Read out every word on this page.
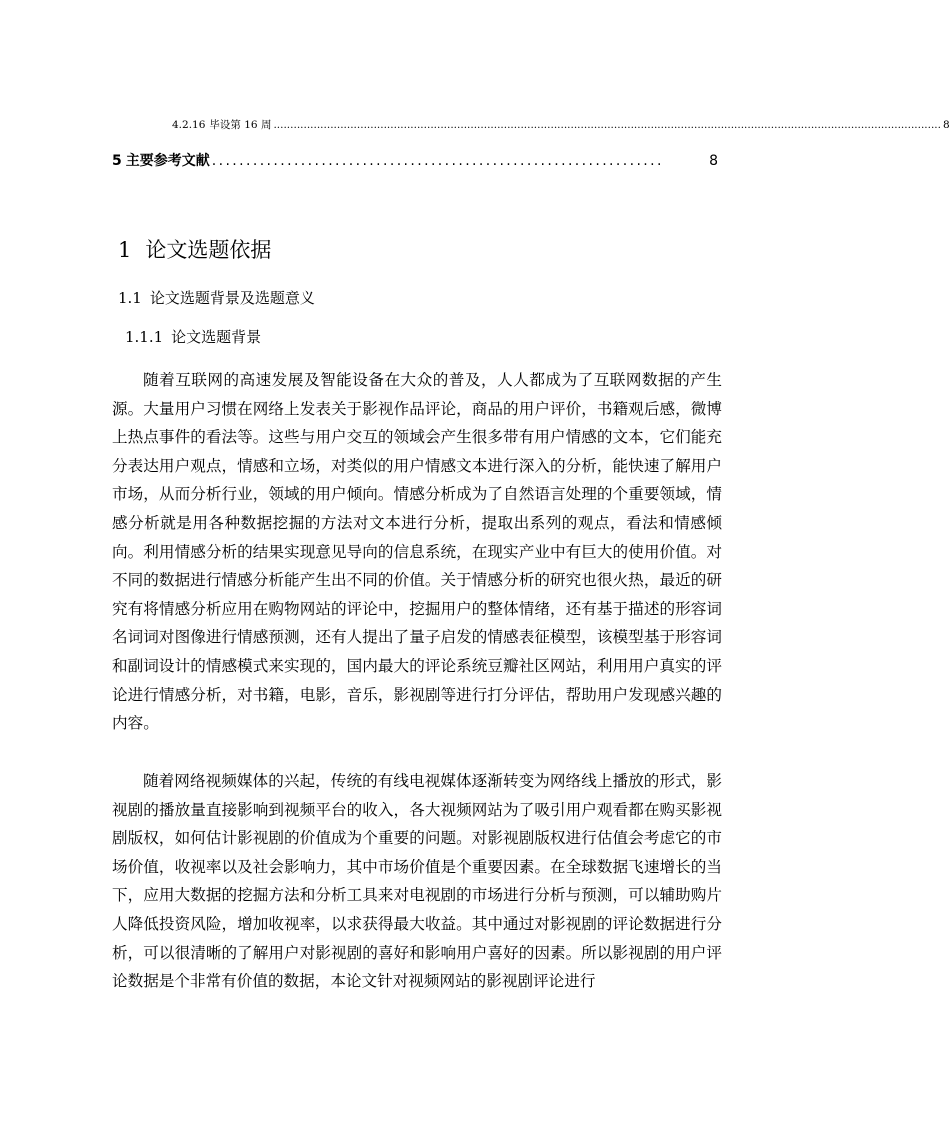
4.2.16 毕设第 16 周 ........................................................................................................................................................................................................ 8
5 主要参考文献 ..................................................................	8
1 论文选题依据
1.1 论文选题背景及选题意义
1.1.1 论文选题背景

随着互联网的高速发展及智能设备在大众的普及，人人都成为了互联网数据的产生源。大量用户习惯在网络上发表关于影视作品评论，商品的用户评价，书籍观后感，微博上热点事件的看法等。这些与用户交互的领域会产生很多带有用户情感的文本，它们能充分表达用户观点，情感和立场，对类似的用户情感文本进行深入的分析，能快速了解用户市场，从而分析行业，领域的用户倾向。情感分析成为了自然语言处理的个重要领域，情感分析就是用各种数据挖掘的方法对文本进行分析，提取出系列的观点，看法和情感倾向。利用情感分析的结果实现意见导向的信息系统，在现实产业中有巨大的使用价值。对不同的数据进行情感分析能产生出不同的价值。关于情感分析的研究也很火热，最近的研究有将情感分析应用在购物网站的评论中，挖掘用户的整体情绪，还有基于描述的形容词名词词对图像进行情感预测，还有人提出了量子启发的情感表征模型，该模型基于形容词和副词设计的情感模式来实现的，国内最大的评论系统豆瓣社区网站，利用用户真实的评论进行情感分析，对书籍，电影，音乐，影视剧等进行打分评估，帮助用户发现感兴趣的内容。

随着网络视频媒体的兴起，传统的有线电视媒体逐渐转变为网络线上播放的形式，影视剧的播放量直接影响到视频平台的收入，各大视频网站为了吸引用户观看都在购买影视剧版权，如何估计影视剧的价值成为个重要的问题。对影视剧版权进行估值会考虑它的市场价值，收视率以及社会影响力，其中市场价值是个重要因素。在全球数据飞速增长的当下，应用大数据的挖掘方法和分析工具来对电视剧的市场进行分析与预测，可以辅助购片人降低投资风险，增加收视率，以求获得最大收益。其中通过对影视剧的评论数据进行分析，可以很清晰的了解用户对影视剧的喜好和影响用户喜好的因素。所以影视剧的用户评论数据是个非常有价值的数据，本论文针对视频网站的影视剧评论进行
